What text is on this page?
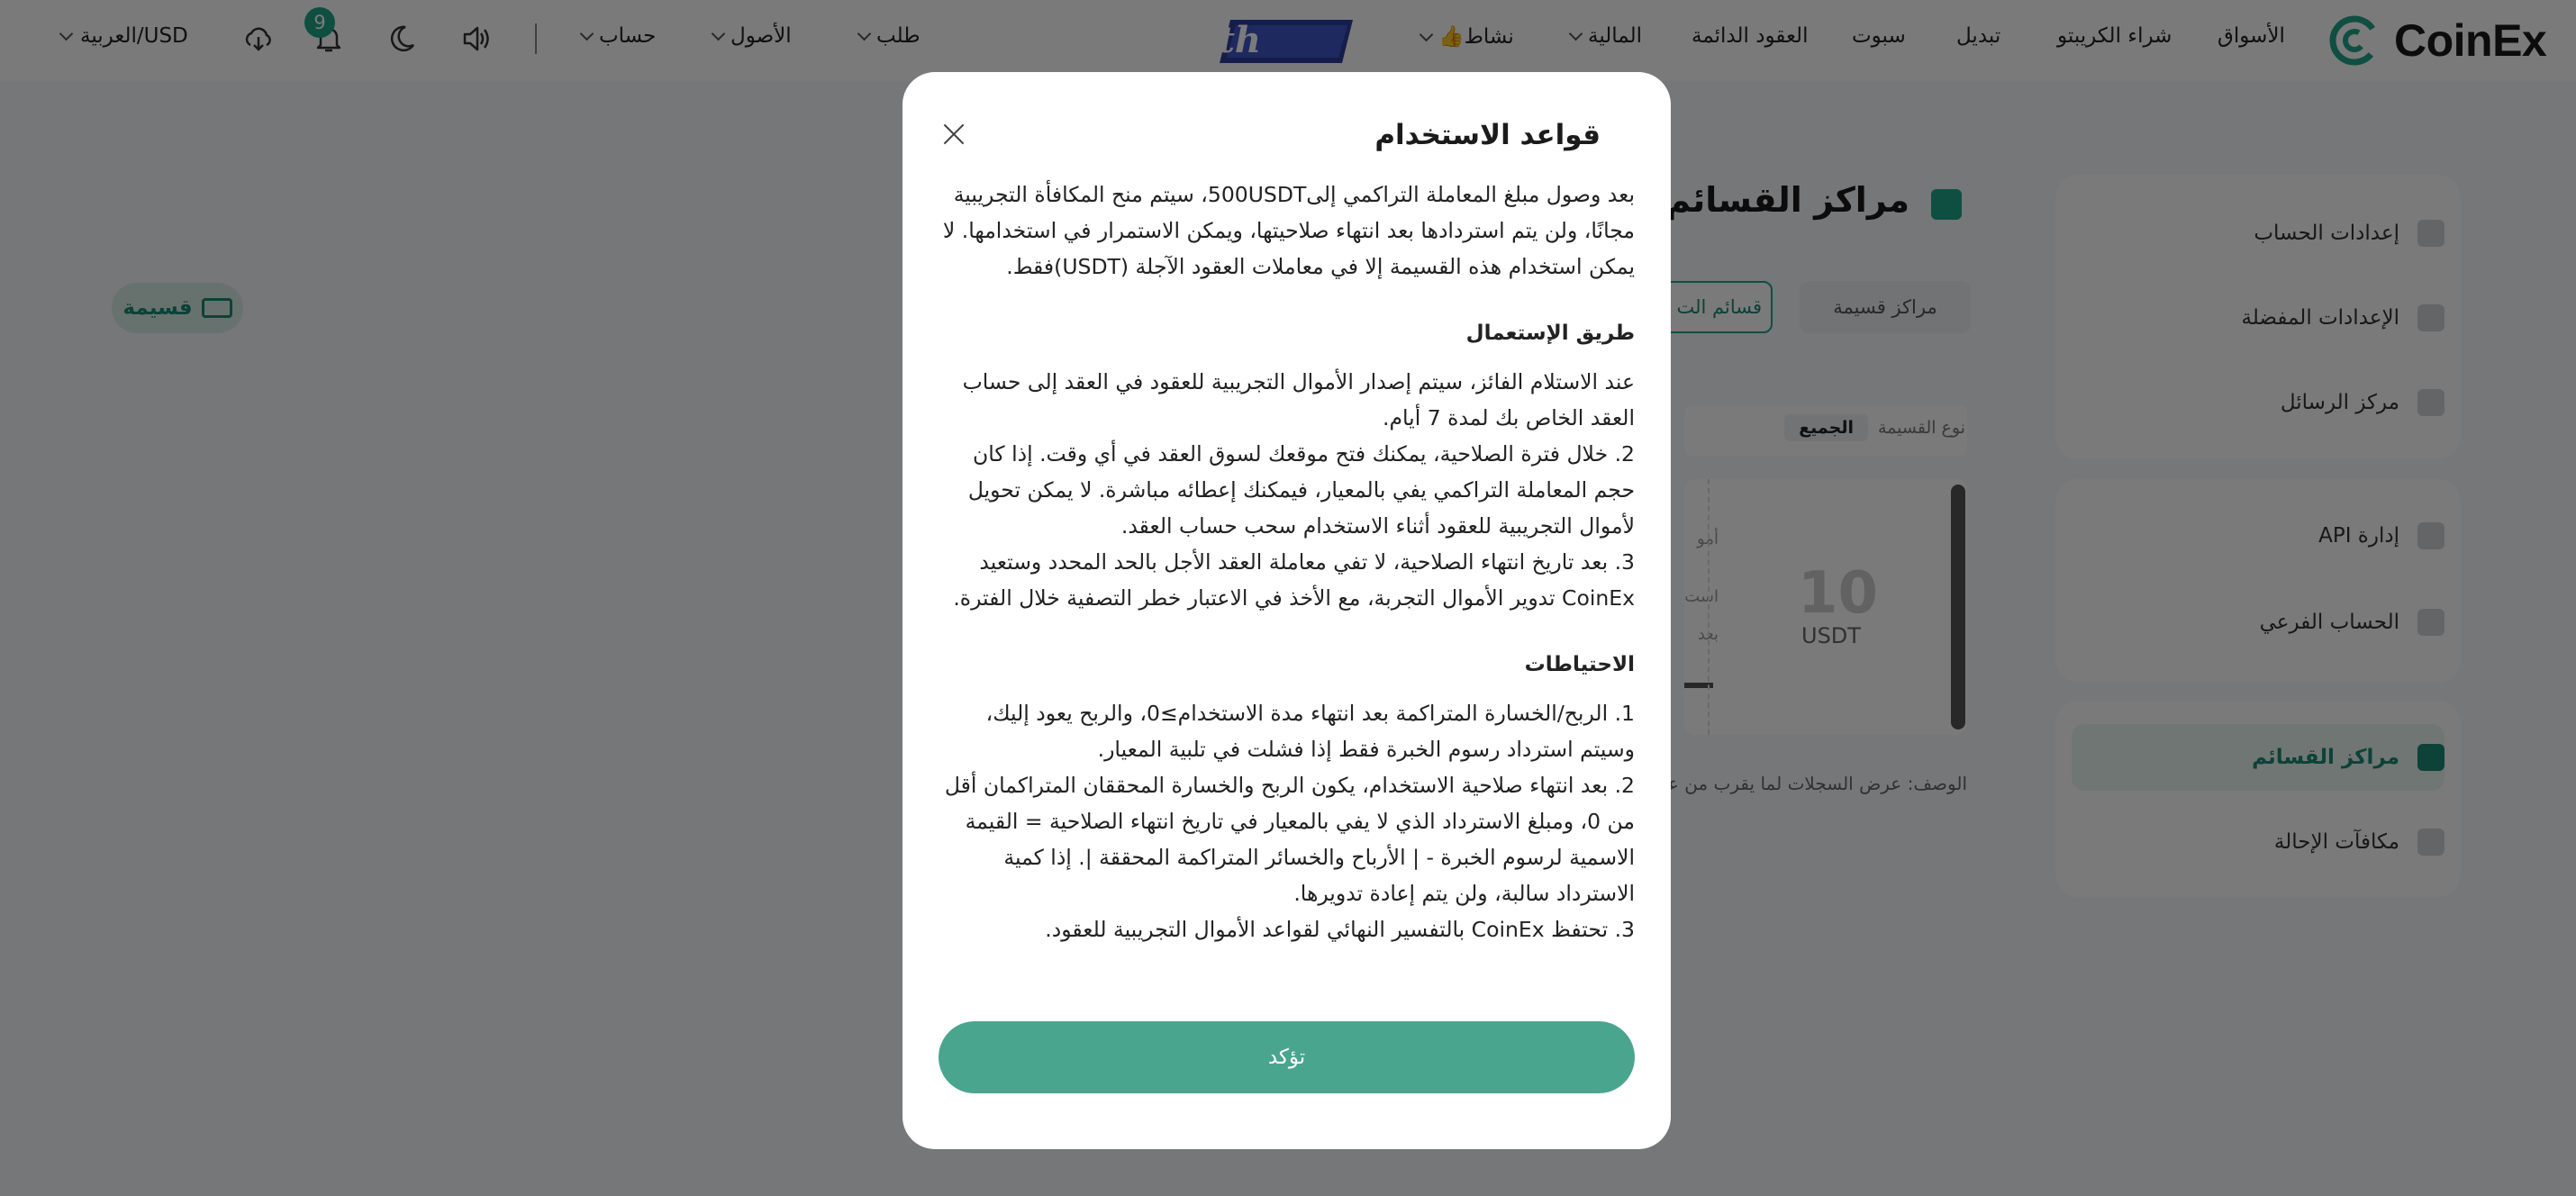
قواعد الاستخدام

بعد وصول مبلغ المعاملة التراكمي إلى500USDT، سيتم منح المكافأة التجريبية مجانًا، ولن يتم استردادها بعد انتهاء صلاحيتها، ويمكن الاستمرار في استخدامها. لا يمكن استخدام هذه القسيمة إلا في معاملات العقود الآجلة (USDT)فقط.

طريق الإستعمال

عند الاستلام الفائز، سيتم إصدار الأموال التجريبية للعقود في العقد إلى حساب العقد الخاص بك لمدة 7 أيام.

2. خلال فترة الصلاحية، يمكنك فتح موقعك لسوق العقد في أي وقت. إذا كان حجم المعاملة التراكمي يفي بالمعيار، فيمكنك إعطائه مباشرة. لا يمكن تحويل لأموال التجريبية للعقود أثناء الاستخدام سحب حساب العقد.

3. بعد تاريخ انتهاء الصلاحية، لا تفي معاملة العقد الأجل بالحد المحدد وستعيد CoinEx تدوير الأموال التجربة، مع الأخذ في الاعتبار خطر التصفية خلال الفترة.

الاحتياطات

1. الربح/الخسارة المتراكمة بعد انتهاء مدة الاستخدام≥0، والربح يعود إليك، وسيتم استرداد رسوم الخبرة فقط إذا فشلت في تلبية المعيار.

2. بعد انتهاء صلاحية الاستخدام، يكون الربح والخسارة المحققان المتراكمان أقل من 0، ومبلغ الاسترداد الذي لا يفي بالمعيار في تاريخ انتهاء الصلاحية = القيمة الاسمية لرسوم الخبرة - | الأرباح والخسائر المتراكمة المحققة |. إذا كمية الاسترداد سالبة، ولن يتم إعادة تدويرها.

3. تحتفظ CoinEx بالتفسير النهائي لقواعد الأموال التجريبية للعقود.

تؤكد
